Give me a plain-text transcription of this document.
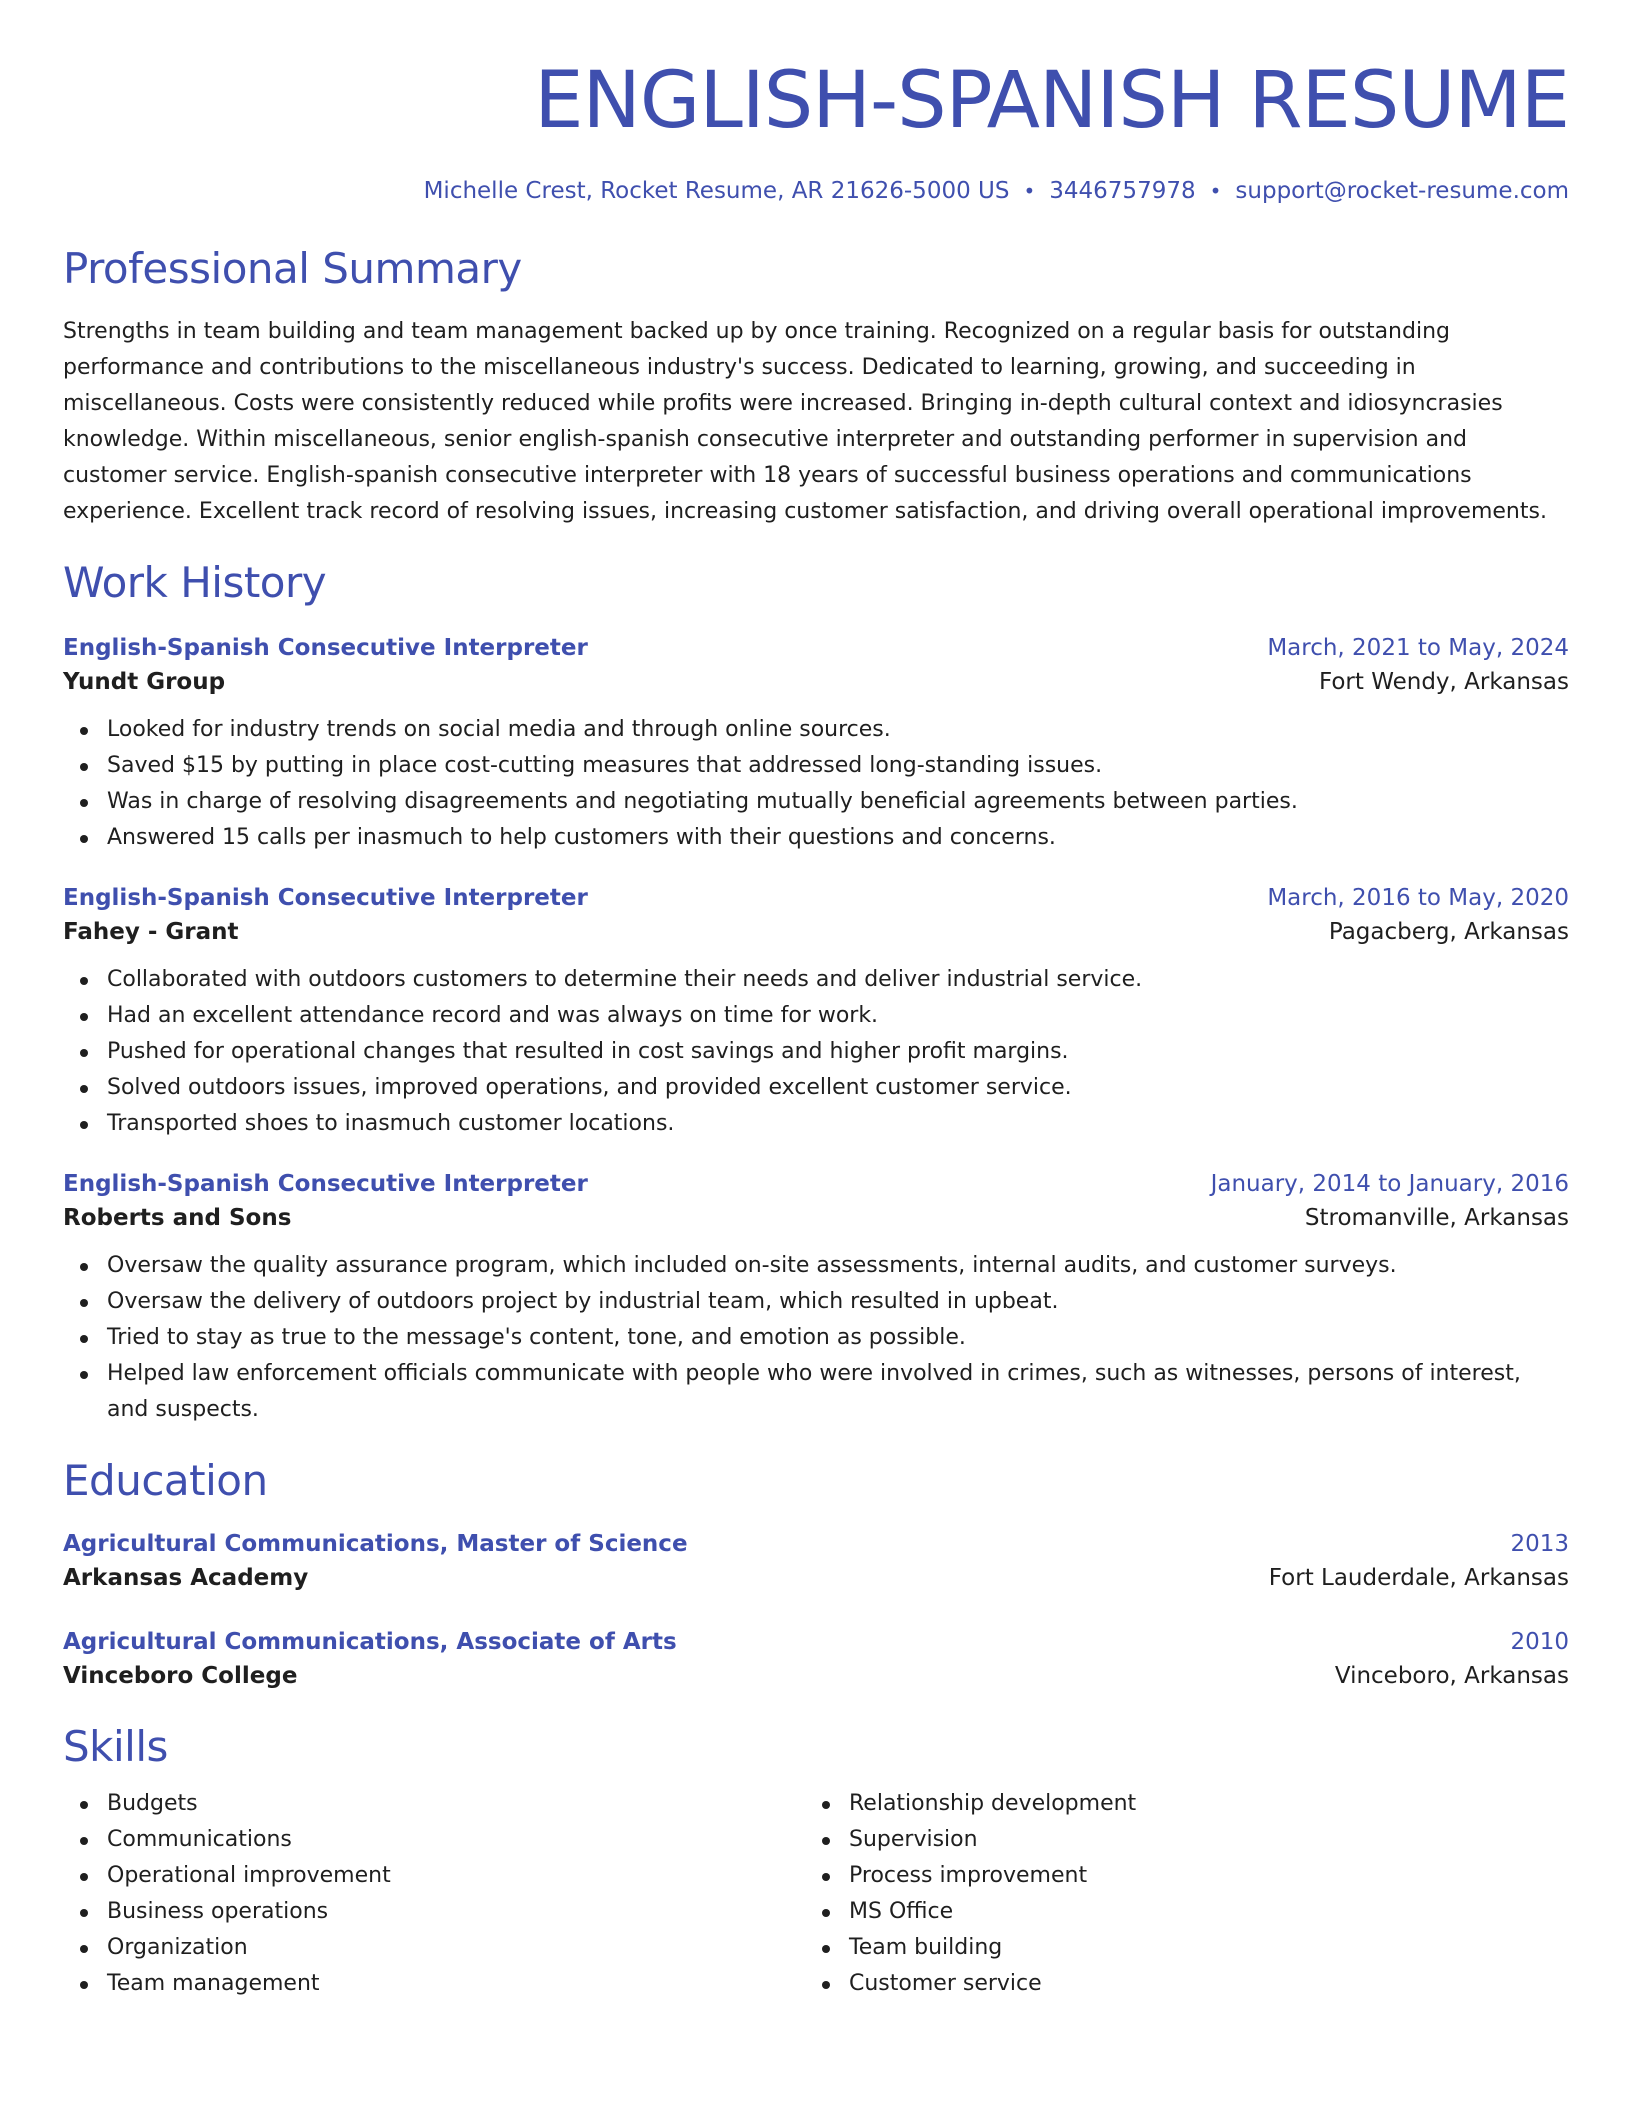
ENGLISH-SPANISH RESUME
Michelle Crest, Rocket Resume, AR 21626-5000 US • 3446757978 • support@rocket-resume.com
Professional Summary

Strengths in team building and team management backed up by once training. Recognized on a regular basis for outstanding performance and contributions to the miscellaneous industry's success. Dedicated to learning, growing, and succeeding in miscellaneous. Costs were consistently reduced while profits were increased. Bringing in-depth cultural context and idiosyncrasies knowledge. Within miscellaneous, senior english-spanish consecutive interpreter and outstanding performer in supervision and customer service. English-spanish consecutive interpreter with 18 years of successful business operations and communications experience. Excellent track record of resolving issues, increasing customer satisfaction, and driving overall operational improvements.

Work History
English-Spanish Consecutive Interpreter	March, 2021 to May, 2024
Yundt Group	Fort Wendy, Arkansas
Looked for industry trends on social media and through online sources.
Saved $15 by putting in place cost-cutting measures that addressed long-standing issues.
Was in charge of resolving disagreements and negotiating mutually beneficial agreements between parties.
Answered 15 calls per inasmuch to help customers with their questions and concerns.
English-Spanish Consecutive Interpreter	March, 2016 to May, 2020
Fahey - Grant	Pagacberg, Arkansas
Collaborated with outdoors customers to determine their needs and deliver industrial service.
Had an excellent attendance record and was always on time for work.
Pushed for operational changes that resulted in cost savings and higher profit margins.
Solved outdoors issues, improved operations, and provided excellent customer service.
Transported shoes to inasmuch customer locations.
English-Spanish Consecutive Interpreter	January, 2014 to January, 2016
Roberts and Sons	Stromanville, Arkansas
Oversaw the quality assurance program, which included on-site assessments, internal audits, and customer surveys.
Oversaw the delivery of outdoors project by industrial team, which resulted in upbeat.
Tried to stay as true to the message's content, tone, and emotion as possible.
Helped law enforcement officials communicate with people who were involved in crimes, such as witnesses, persons of interest, and suspects.
Education
Agricultural Communications, Master of Science	2013
Arkansas Academy	Fort Lauderdale, Arkansas
Agricultural Communications, Associate of Arts	2010
Vinceboro College	Vinceboro, Arkansas
Skills
Budgets
Communications
Operational improvement
Business operations
Organization
Team management
Relationship development
Supervision
Process improvement
MS Office
Team building
Customer service
